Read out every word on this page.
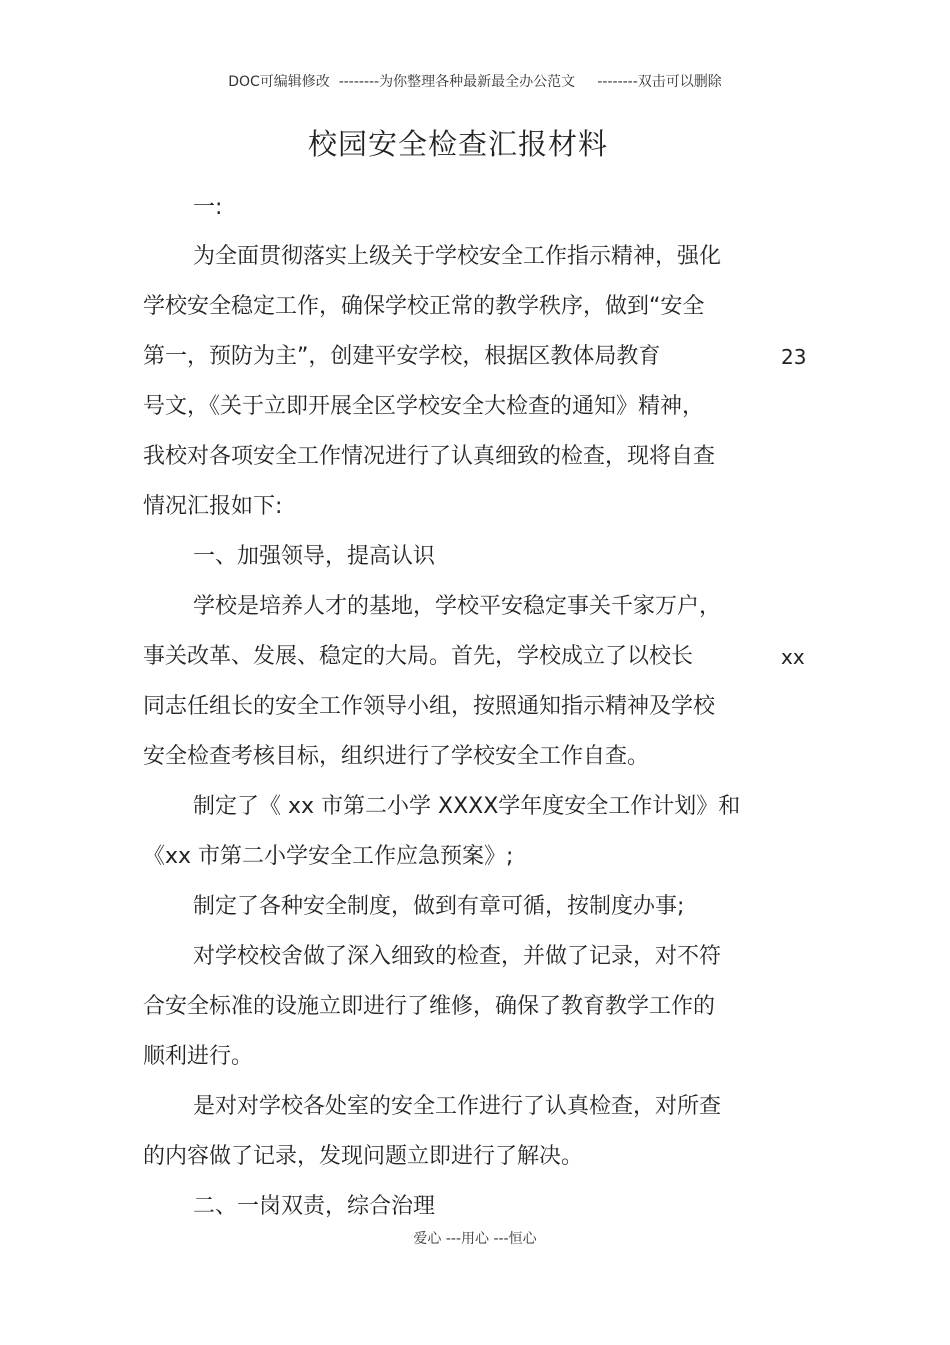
DOC可编辑修改  --------为你整理各种最新最全办公范文     --------双击可以删除
校园安全检查汇报材料
一:
为全面贯彻落实上级关于学校安全工作指示精神，强化
学校安全稳定工作，确保学校正常的教学秩序，做到“安全
第一，预防为主”，创建平安学校，根据区教体局教育	23
号文，《关于立即开展全区学校安全大检查的通知》精神，
我校对各项安全工作情况进行了认真细致的检查，现将自查
情况汇报如下:
一、加强领导，提高认识
学校是培养人才的基地，学校平安稳定事关千家万户，
事关改革、发展、稳定的大局。首先，学校成立了以校长	xx
同志任组长的安全工作领导小组，按照通知指示精神及学校
安全检查考核目标，组织进行了学校安全工作自查。
制定了《 xx 市第二小学 XXXX学年度安全工作计划》和
《xx 市第二小学安全工作应急预案》;
制定了各种安全制度，做到有章可循，按制度办事;
对学校校舍做了深入细致的检查，并做了记录，对不符
合安全标准的设施立即进行了维修，确保了教育教学工作的
顺利进行。
是对对学校各处室的安全工作进行了认真检查，对所查
的内容做了记录，发现问题立即进行了解决。
二、一岗双责，综合治理
爱心 ---用心 ---恒心
